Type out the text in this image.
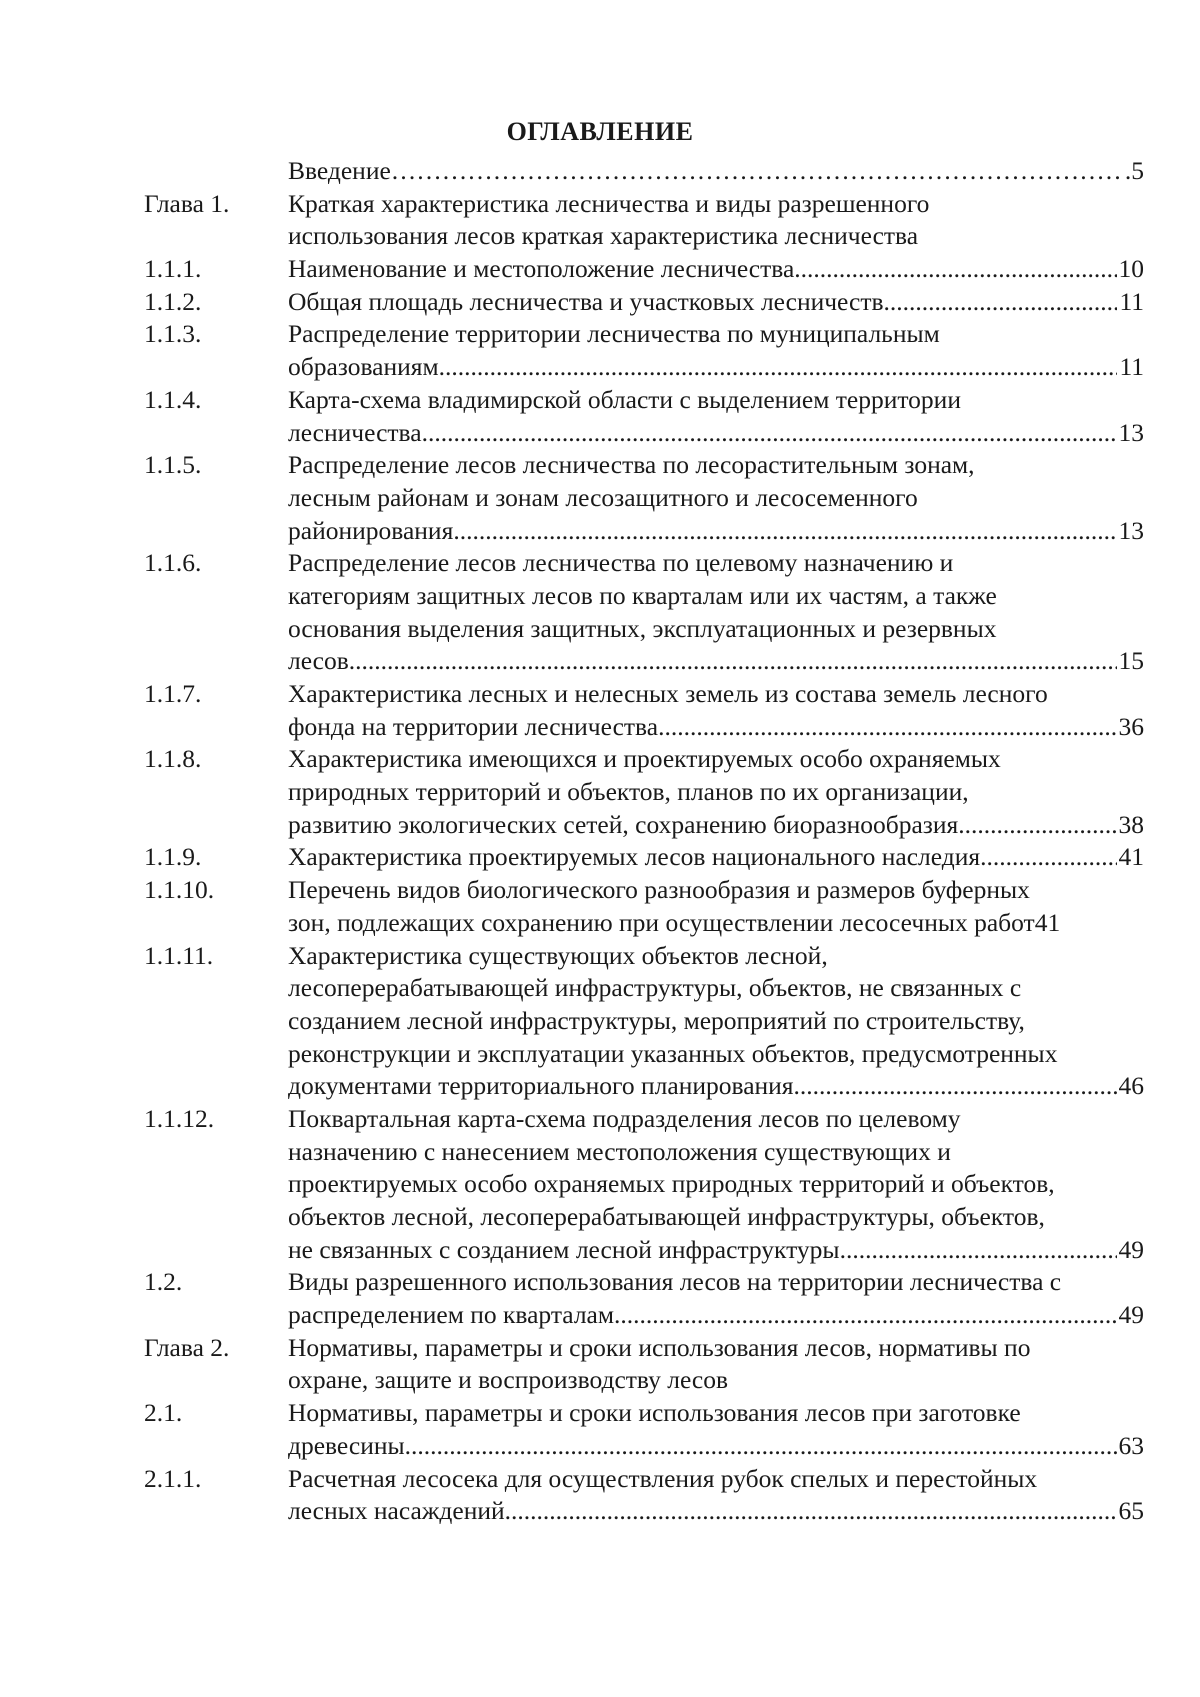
ОГЛАВЛЕНИЕ
Введение ……………………………………………………………………………………………………………………………………………………	.5
Глава 1.	Краткая характеристика лесничества и виды разрешенного
использования лесов краткая характеристика лесничества
1.1.1.	Наименование и местоположение лесничества .....	10
1.1.2.	Общая площадь лесничества и участковых лесничеств .....	11
1.1.3.	Распределение территории лесничества по муниципальным
образованиям .....	11
1.1.4.	Карта-схема владимирской области с выделением территории
лесничества .....	13
1.1.5.	Распределение лесов лесничества по лесорастительным зонам,
лесным районам и зонам лесозащитного и лесосеменного
районирования .....	13
1.1.6.	Распределение лесов лесничества по целевому назначению и
категориям защитных лесов по кварталам или их частям, а также
основания выделения защитных, эксплуатационных и резервных
лесов .....	15
1.1.7.	Характеристика лесных и нелесных земель из состава земель лесного
фонда на территории лесничества .....	36
1.1.8.	Характеристика имеющихся и проектируемых особо охраняемых
природных территорий и объектов, планов по их организации,
развитию экологических сетей, сохранению биоразнообразия .....	38
1.1.9.	Характеристика проектируемых лесов национального наследия .....	41
1.1.10.	Перечень видов биологического разнообразия и размеров буферных
зон, подлежащих сохранению при осуществлении лесосечных работ 41
1.1.11.	Характеристика существующих объектов лесной,
лесоперерабатывающей инфраструктуры, объектов, не связанных с
созданием лесной инфраструктуры, мероприятий по строительству,
реконструкции и эксплуатации указанных объектов, предусмотренных
документами территориального планирования .....	46
1.1.12.	Поквартальная карта-схема подразделения лесов по целевому
назначению с нанесением местоположения существующих и
проектируемых особо охраняемых природных территорий и объектов,
объектов лесной, лесоперерабатывающей инфраструктуры, объектов,
не связанных с созданием лесной инфраструктуры .....	49
1.2.	Виды разрешенного использования лесов на территории лесничества с
распределением по кварталам .....	49
Глава 2.	Нормативы, параметры и сроки использования лесов, нормативы по
охране, защите и воспроизводству лесов
2.1.	Нормативы, параметры и сроки использования лесов при заготовке
древесины .....	63
2.1.1.	Расчетная лесосека для осуществления рубок спелых и перестойных
лесных насаждений .....	65
